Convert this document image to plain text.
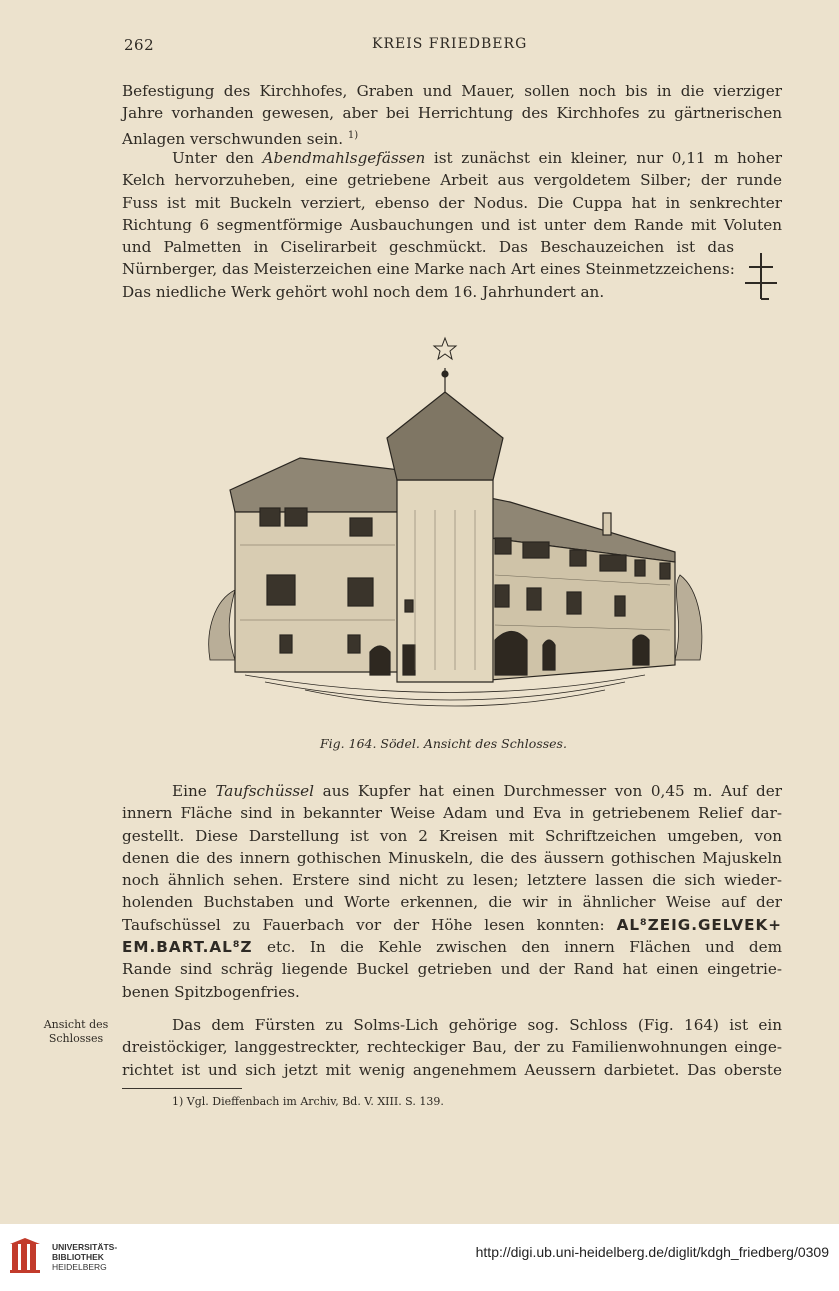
262	KREIS FRIEDBERG
Befestigung des Kirchhofes, Graben und Mauer, sollen noch bis in die vierziger
Jahre vorhanden gewesen, aber bei Herrichtung des Kirchhofes zu gärtnerischen
Anlagen verschwunden sein. $^{1)}$
Unter den Abendmahlsgefässen ist zunächst ein kleiner, nur 0,11 m hoher
Kelch hervorzuheben, eine getriebene Arbeit aus vergoldetem Silber; der runde
Fuss ist mit Buckeln verziert, ebenso der Nodus. Die Cuppa hat in senkrechter
Richtung 6 segmentförmige Ausbauchungen und ist unter dem Rande mit Voluten
und Palmetten in Ciselirarbeit geschmückt. Das Beschauzeichen ist das
Nürnberger, das Meisterzeichen eine Marke nach Art eines Steinmetzzeichens:
Das niedliche Werk gehört wohl noch dem 16. Jahrhundert an.
Fig. 164. Södel. Ansicht des Schlosses.
Eine Taufschüssel aus Kupfer hat einen Durchmesser von 0,45 m. Auf der
innern Fläche sind in bekannter Weise Adam und Eva in getriebenem Relief dar-
gestellt. Diese Darstellung ist von 2 Kreisen mit Schriftzeichen umgeben, von
denen die des innern gothischen Minuskeln, die des äussern gothischen Majuskeln
noch ähnlich sehen. Erstere sind nicht zu lesen; letztere lassen die sich wieder-
holenden Buchstaben und Worte erkennen, die wir in ähnlicher Weise auf der
Taufschüssel zu Fauerbach vor der Höhe lesen konnten: AL⁸ZEIG.GELVEK+
EM.BART.AL⁸Z etc. In die Kehle zwischen den innern Flächen und dem
Rande sind schräg liegende Buckel getrieben und der Rand hat einen eingetrie-
benen Spitzbogenfries.
Ansicht des Schlosses
Das dem Fürsten zu Solms-Lich gehörige sog. Schloss (Fig. 164) ist ein
dreistöckiger, langgestreckter, rechteckiger Bau, der zu Familienwohnungen einge-
richtet ist und sich jetzt mit wenig angenehmem Aeussern darbietet. Das oberste
1) Vgl. Dieffenbach im Archiv, Bd. V. XIII. S. 139.
UNIVERSITÄTS-
BIBLIOTHEK
HEIDELBERG
http://digi.ub.uni-heidelberg.de/diglit/kdgh_friedberg/0309
